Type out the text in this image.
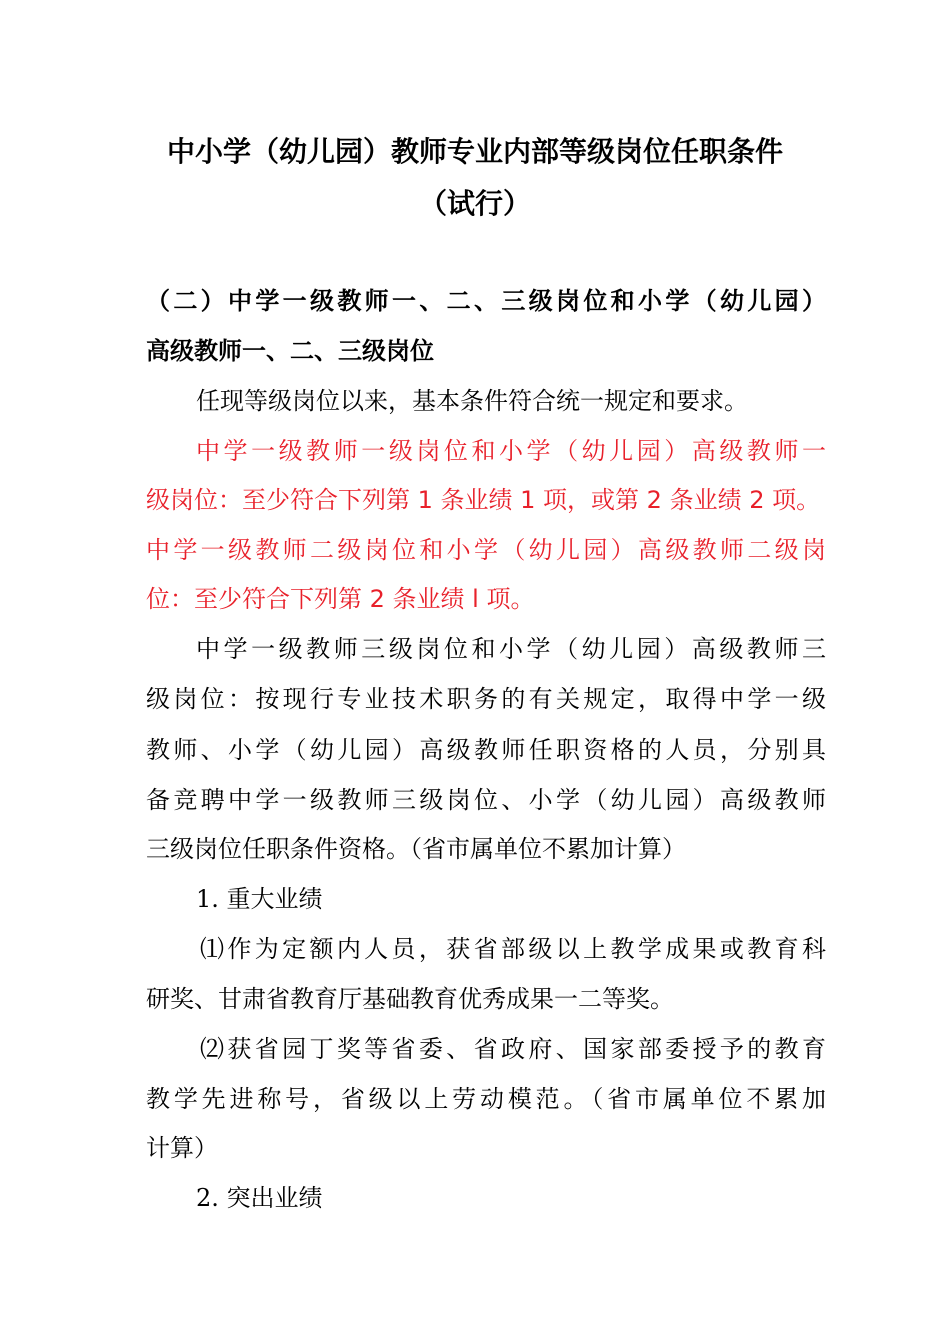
中小学（幼儿园）教师专业内部等级岗位任职条件
（试行）

（二）中学一级教师一、二、三级岗位和小学（幼儿园）

高级教师一、二、三级岗位

任现等级岗位以来，基本条件符合统一规定和要求。

中学一级教师一级岗位和小学（幼儿园）高级教师一

级岗位：至少符合下列第 1 条业绩 1 项，或第 2 条业绩 2 项。

中学一级教师二级岗位和小学（幼儿园）高级教师二级岗

位：至少符合下列第 2 条业绩 l 项。

中学一级教师三级岗位和小学（幼儿园）高级教师三

级岗位：按现行专业技术职务的有关规定，取得中学一级

教师、小学（幼儿园）高级教师任职资格的人员，分别具

备竞聘中学一级教师三级岗位、小学（幼儿园）高级教师

三级岗位任职条件资格。（省市属单位不累加计算）

1. 重大业绩

⑴作为定额内人员，获省部级以上教学成果或教育科

研奖、甘肃省教育厅基础教育优秀成果一二等奖。

⑵获省园丁奖等省委、省政府、国家部委授予的教育

教学先进称号，省级以上劳动模范。（省市属单位不累加

计算）

2. 突出业绩
